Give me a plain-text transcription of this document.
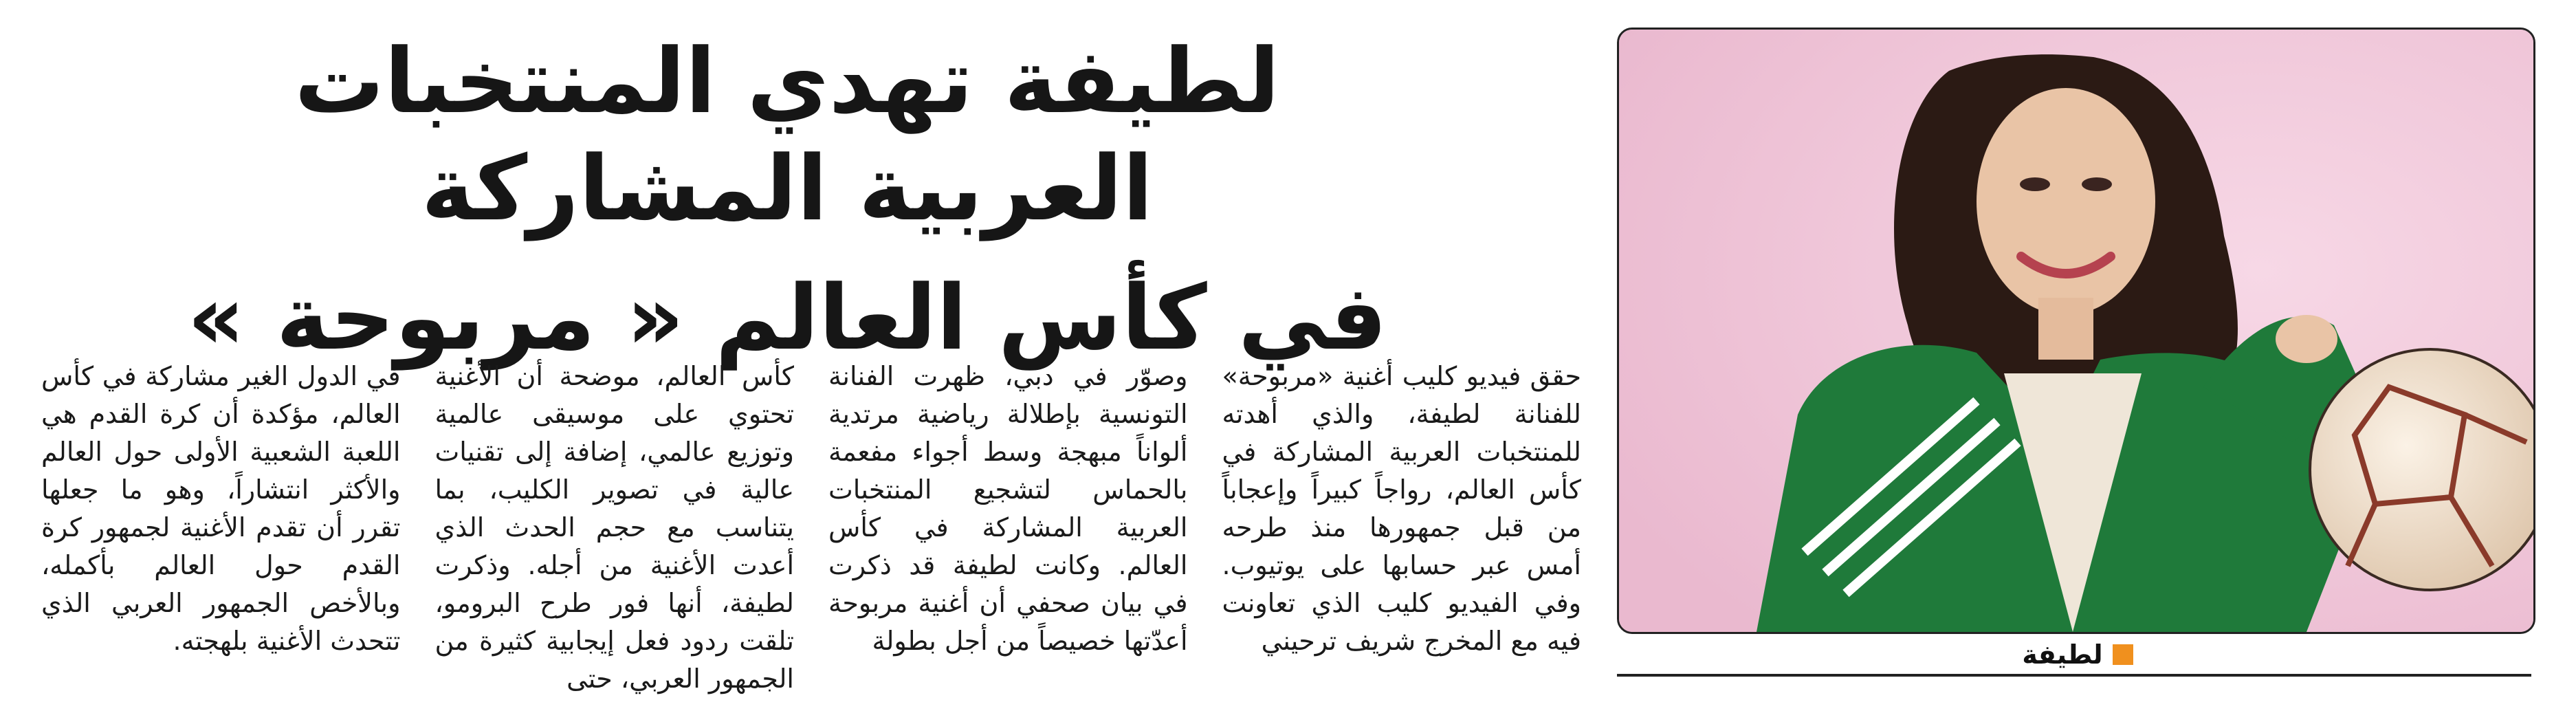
لطيفة تهدي المنتخبات العربية المشاركة
في كأس العالم « مربوحة »
لطيفة

حقق فيديو كليب أغنية «مربوحة» للفنانة لطيفة، والذي أهدته للمنتخبات العربية المشاركة في كأس العالم، رواجاً كبيراً وإعجاباً من قبل جمهورها منذ طرحه أمس عبر حسابها على يوتيوب. وفي الفيديو كليب الذي تعاونت فيه مع المخرج شريف ترحيني

وصوّر في دبي، ظهرت الفنانة التونسية بإطلالة رياضية مرتدية ألواناً مبهجة وسط أجواء مفعمة بالحماس لتشجيع المنتخبات العربية المشاركة في كأس العالم. وكانت لطيفة قد ذكرت في بيان صحفي أن أغنية مربوحة أعدّتها خصيصاً من أجل بطولة

كأس العالم، موضحة أن الأغنية تحتوي على موسيقى عالمية وتوزيع عالمي، إضافة إلى تقنيات عالية في تصوير الكليب، بما يتناسب مع حجم الحدث الذي أعدت الأغنية من أجله. وذكرت لطيفة، أنها فور طرح البرومو، تلقت ردود فعل إيجابية كثيرة من الجمهور العربي، حتى

في الدول الغير مشاركة في كأس العالم، مؤكدة أن كرة القدم هي اللعبة الشعبية الأولى حول العالم والأكثر انتشاراً، وهو ما جعلها تقرر أن تقدم الأغنية لجمهور كرة القدم حول العالم بأكمله، وبالأخص الجمهور العربي الذي تتحدث الأغنية بلهجته.
